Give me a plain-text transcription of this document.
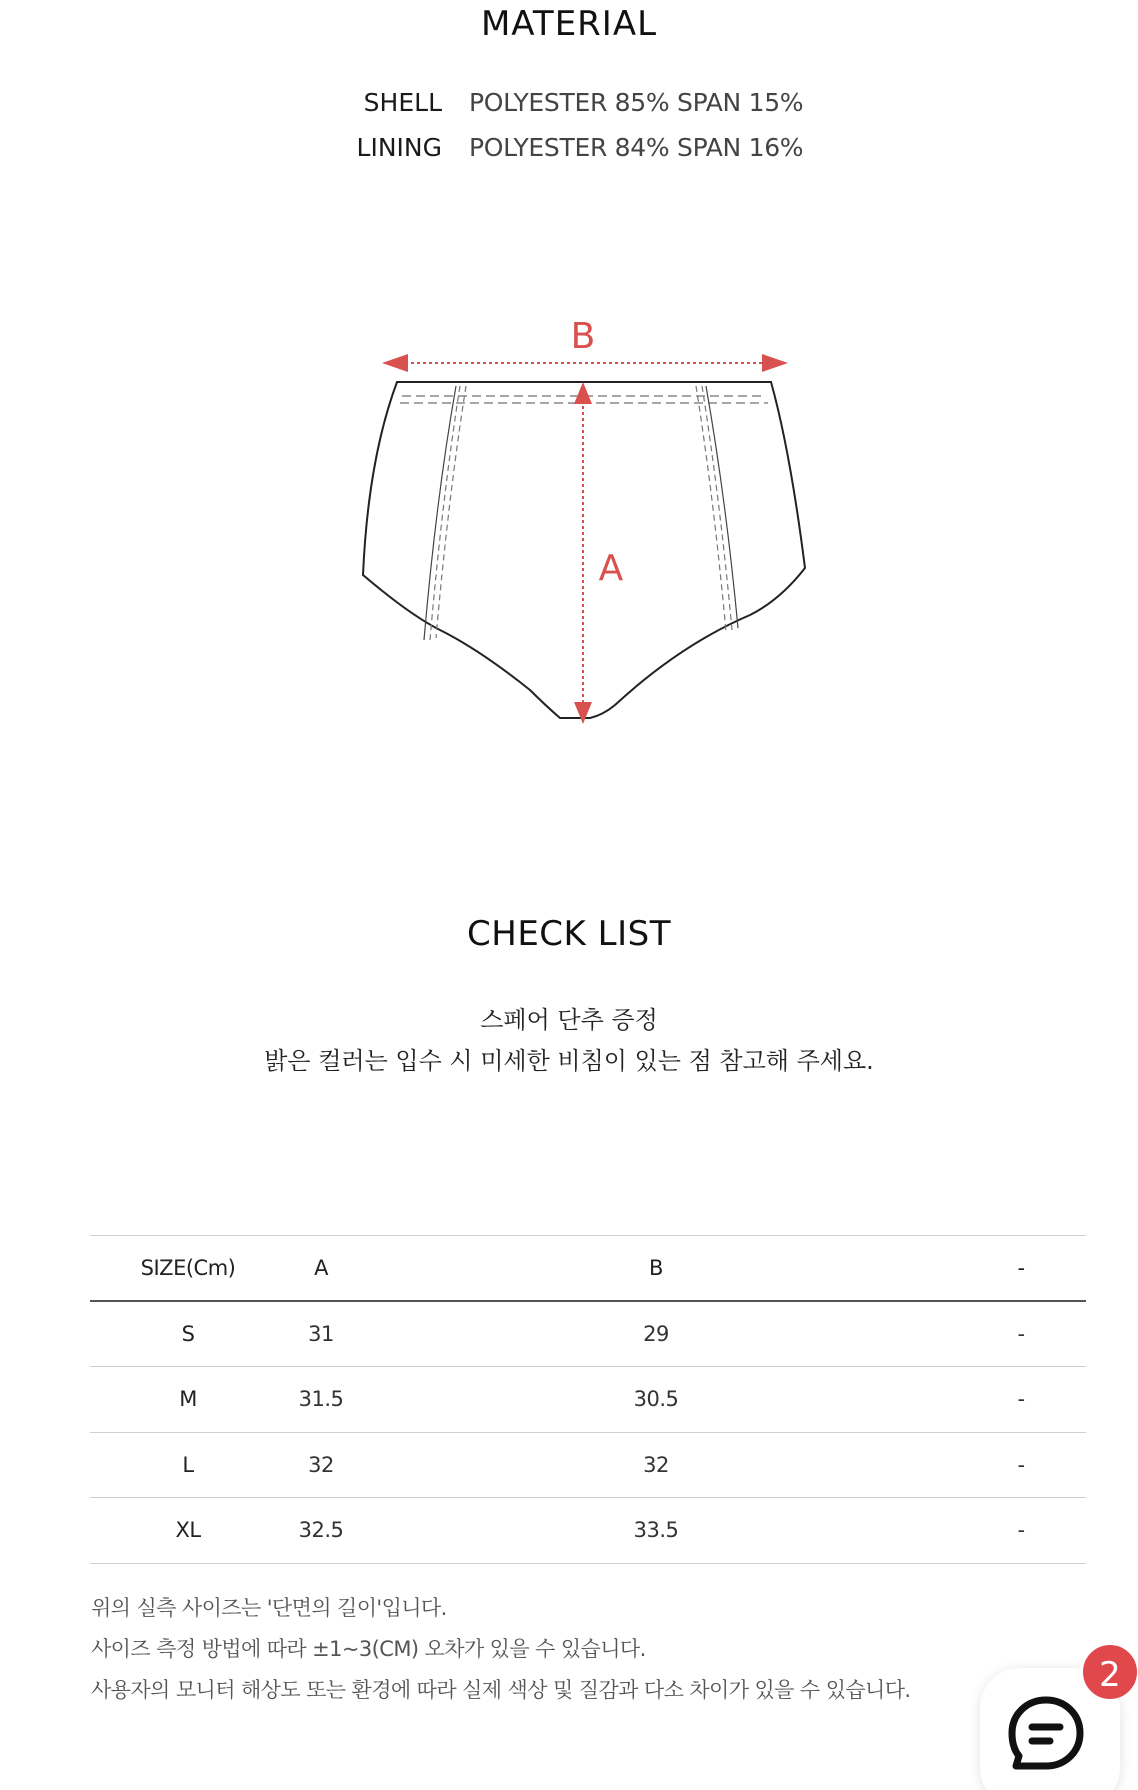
MATERIAL
SHELL POLYESTER 85% SPAN 15%
LINING POLYESTER 84% SPAN 16%
B
A
CHECK LIST
스페어 단추 증정
밝은 컬러는 입수 시 미세한 비침이 있는 점 참고해 주세요.
SIZE(Cm)	A	B	-
S	31	29	-
M	31.5	30.5	-
L	32	32	-
XL	32.5	33.5	-
위의 실측 사이즈는 '단면의 길이'입니다.
사이즈 측정 방법에 따라 ±1~3(CM) 오차가 있을 수 있습니다.
사용자의 모니터 해상도 또는 환경에 따라 실제 색상 및 질감과 다소 차이가 있을 수 있습니다.	2
